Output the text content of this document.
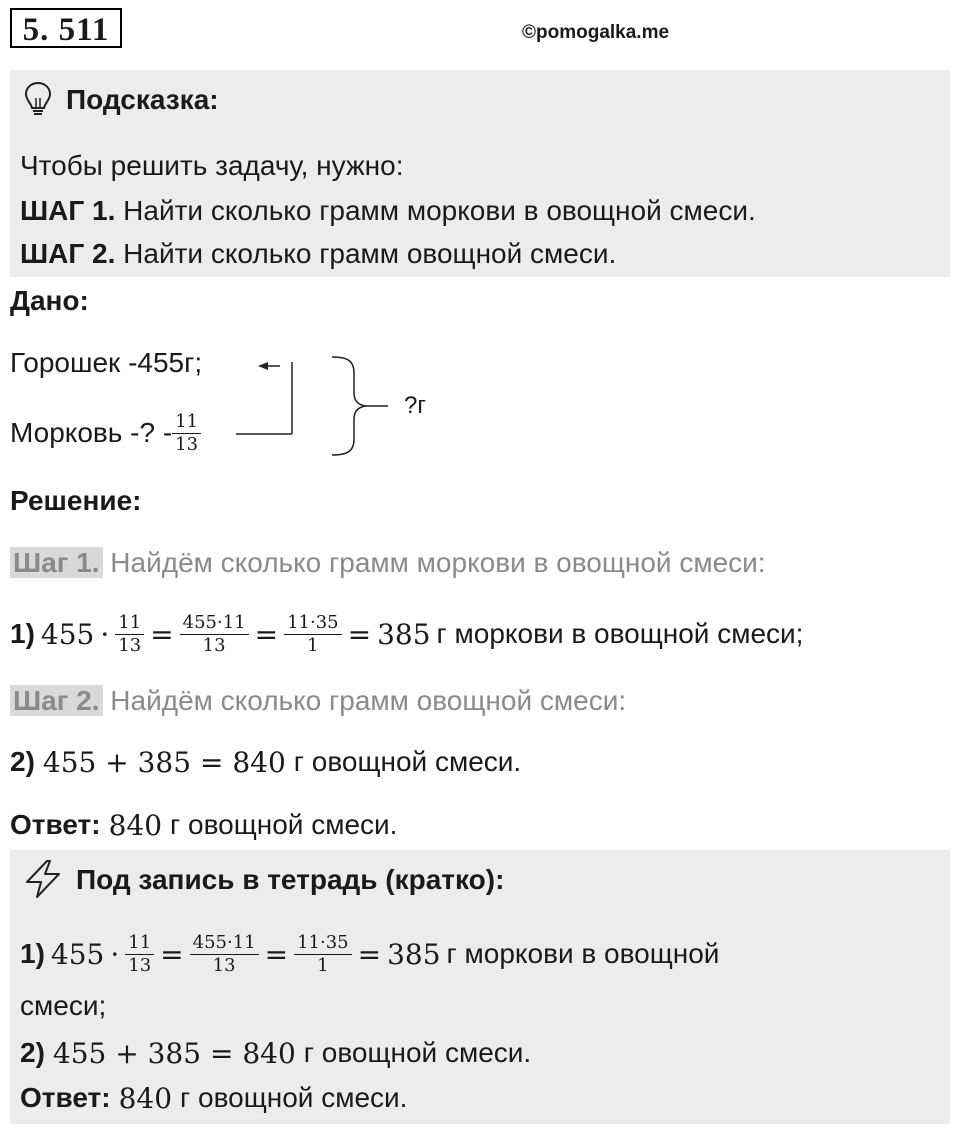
5. 511	©pomogalka.me
Подсказка:
Чтобы решить задачу, нужно:
ШАГ 1. Найти сколько грамм моркови в овощной смеси.
ШАГ 2. Найти сколько грамм овощной смеси.
Дано:
Горошек -455г;
Морковь -? - $\frac{11}{13}$
?г
Решение:
Шаг 1. Найдём сколько грамм моркови в овощной смеси:
1) $455 \cdot \frac{11}{13} = \frac{455\cdot 11}{13} = \frac{11\cdot 35}{1} = 385$ г моркови в овощной смеси;
Шаг 2. Найдём сколько грамм овощной смеси:
2) 455 + 385 = 840 г овощной смеси.
Ответ: 840 г овощной смеси.
Под запись в тетрадь (кратко):
1) $455 \cdot \frac{11}{13} = \frac{455\cdot 11}{13} = \frac{11\cdot 35}{1} = 385$ г моркови в овощной
смеси;
2) 455 + 385 = 840 г овощной смеси.
Ответ: 840 г овощной смеси.
